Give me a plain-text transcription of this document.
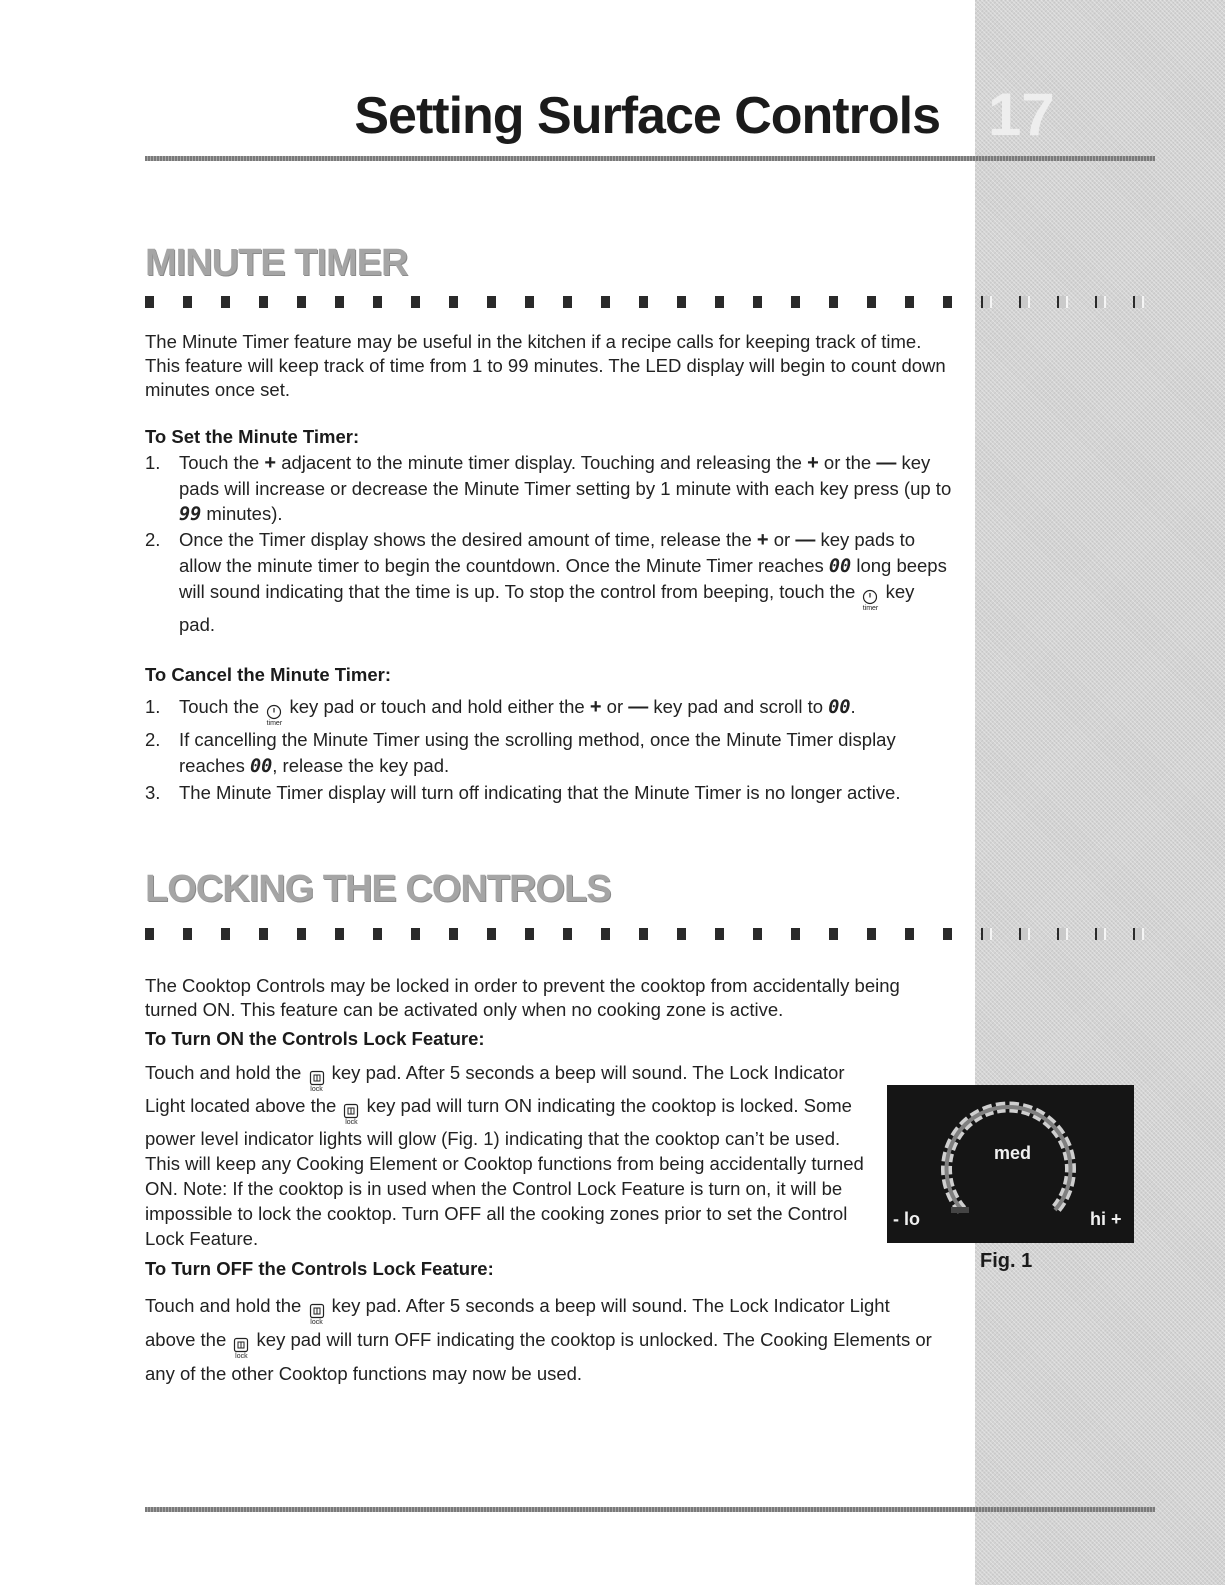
Setting Surface Controls 17
MINUTE TIMER

The Minute Timer feature may be useful in the kitchen if a recipe calls for keeping track of time. This feature will keep track of time from 1 to 99 minutes. The LED display will begin to count down minutes once set.

To Set the Minute Timer:
1. Touch the + adjacent to the minute timer display. Touching and releasing the + or the — key pads will increase or decrease the Minute Timer setting by 1 minute with each key press (up to 99 minutes).
2. Once the Timer display shows the desired amount of time, release the + or — key pads to allow the minute timer to begin the countdown. Once the Minute Timer reaches 00 long beeps will sound indicating that the time is up. To stop the control from beeping, touch the
timer
key pad.
To Cancel the Minute Timer:
1. Touch the
timer
key pad or touch and hold either the + or — key pad and scroll to 00.
2. If cancelling the Minute Timer using the scrolling method, once the Minute Timer display reaches 00, release the key pad.
3. The Minute Timer display will turn off indicating that the Minute Timer is no longer active.
LOCKING THE CONTROLS

The Cooktop Controls may be locked in order to prevent the cooktop from accidentally being turned ON. This feature can be activated only when no cooking zone is active.

To Turn ON the Controls Lock Feature:

Touch and hold the
lock
key pad. After 5 seconds a beep will sound. The Lock Indicator Light located above the
lock
key pad will turn ON indicating the cooktop is locked. Some power level indicator lights will glow (Fig. 1) indicating that the cooktop can’t be used. This will keep any Cooking Element or Cooktop functions from being accidentally turned ON. Note: If the cooktop is in used when the Control Lock Feature is turn on, it will be impossible to lock the cooktop. Turn OFF all the cooking zones prior to set the Control Lock Feature.

To Turn OFF the Controls Lock Feature:

Touch and hold the
lock
key pad. After 5 seconds a beep will sound. The Lock Indicator Light above the
lock
key pad will turn OFF indicating the cooktop is unlocked. The Cooking Elements or any of the other Cooktop functions may now be used.

med
- lo	hi +
Fig. 1
